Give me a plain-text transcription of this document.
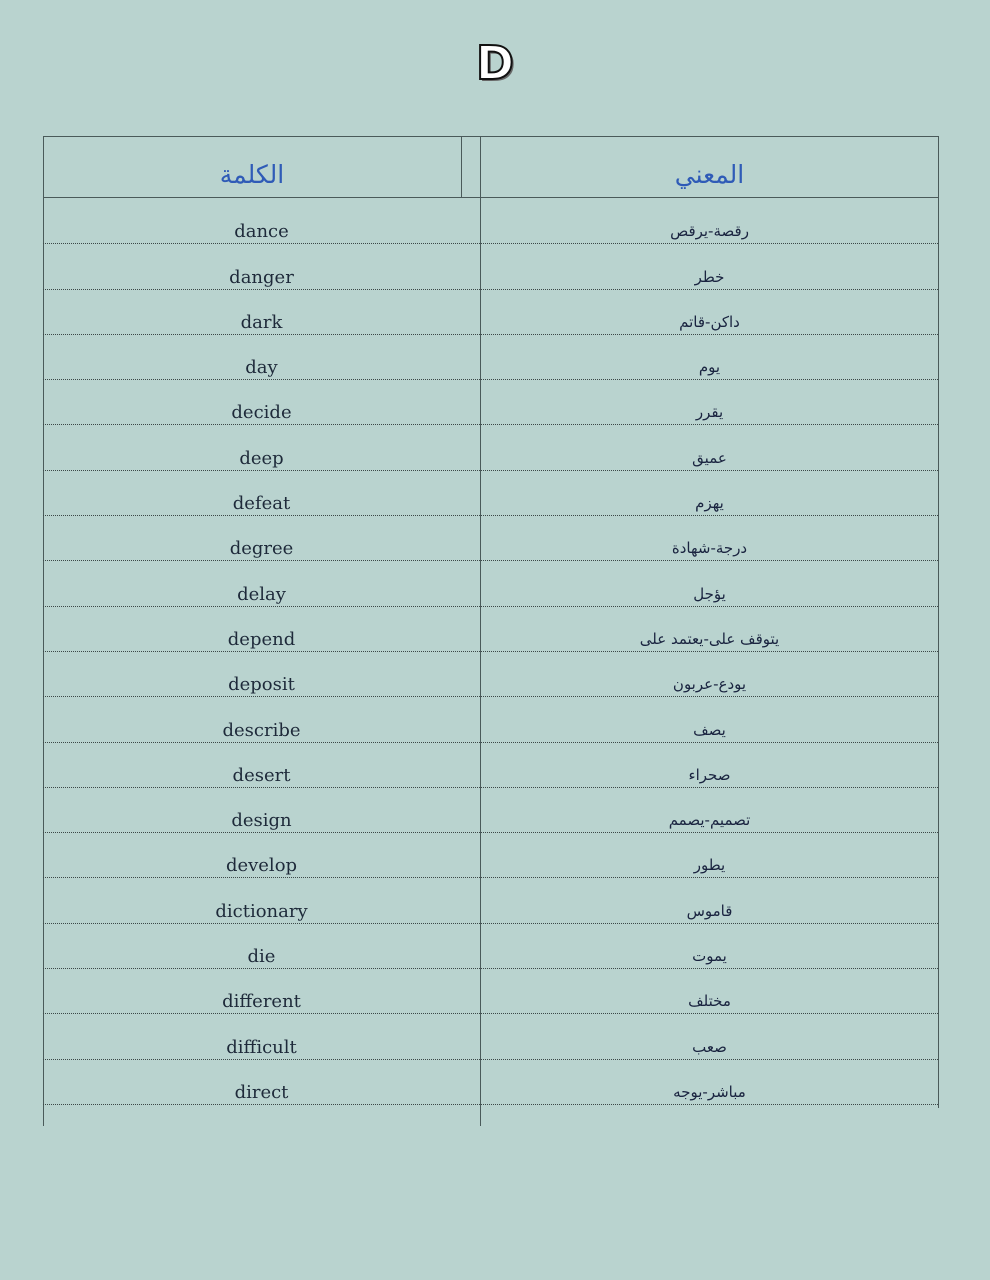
D
الكلمة	المعني
dance	رقصة-يرقص
danger	خطر
dark	داكن-قاتم
day	يوم
decide	يقرر
deep	عميق
defeat	يهزم
degree	درجة-شهادة
delay	يؤجل
depend	يتوقف على-يعتمد على
deposit	يودع-عربون
describe	يصف
desert	صحراء
design	تصميم-يصمم
develop	يطور
dictionary	قاموس
die	يموت
different	مختلف
difficult	صعب
direct	مباشر-يوجه
